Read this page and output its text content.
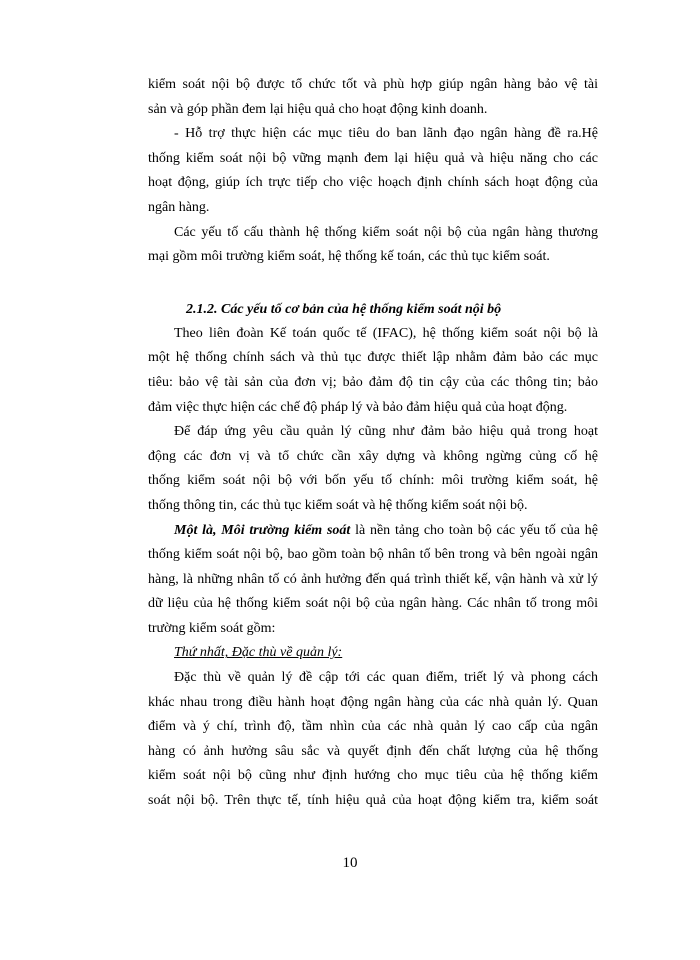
kiểm soát nội bộ được tổ chức tốt và phù hợp giúp ngân hàng bảo vệ tài
sản và góp phần đem lại hiệu quả cho hoạt động kinh doanh.
- Hỗ trợ thực hiện các mục tiêu do ban lãnh đạo ngân hàng đề ra.Hệ
thống kiểm soát nội bộ vững mạnh đem lại hiệu quả và hiệu năng cho các
hoạt động, giúp ích trực tiếp cho việc hoạch định chính sách hoạt động của
ngân hàng.
Các yếu tố cấu thành hệ thống kiểm soát nội bộ của ngân hàng thương
mại gồm môi trường kiểm soát, hệ thống kế toán, các thủ tục kiểm soát.
2.1.2. Các yếu tố cơ bản của hệ thống kiểm soát nội bộ
Theo liên đoàn Kế toán quốc tế (IFAC), hệ thống kiểm soát nội bộ là
một hệ thống chính sách và thủ tục được thiết lập nhằm đảm bảo các mục
tiêu: bảo vệ tài sản của đơn vị; bảo đảm độ tin cậy của các thông tin; bảo
đảm việc thực hiện các chế độ pháp lý và bảo đảm hiệu quả của hoạt động.
Để đáp ứng yêu cầu quản lý cũng như đảm bảo hiệu quả trong hoạt
động các đơn vị và tổ chức cần xây dựng và không ngừng củng cố hệ
thống kiểm soát nội bộ với bốn yếu tố chính: môi trường kiểm soát, hệ
thống thông tin, các thủ tục kiểm soát và hệ thống kiểm soát nội bộ.
Một là, Môi trường kiểm soát là nền tảng cho toàn bộ các yếu tố của hệ
thống kiểm soát nội bộ, bao gồm toàn bộ nhân tố bên trong và bên ngoài ngân
hàng, là những nhân tố có ảnh hưởng đến quá trình thiết kế, vận hành và xử lý
dữ liệu của hệ thống kiểm soát nội bộ của ngân hàng. Các nhân tố trong môi
trường kiểm soát gồm:
Thứ nhất, Đặc thù về quản lý:
Đặc thù về quản lý đề cập tới các quan điểm, triết lý và phong cách
khác nhau trong điều hành hoạt động ngân hàng của các nhà quản lý. Quan
điểm và ý chí, trình độ, tầm nhìn của các nhà quản lý cao cấp của ngân
hàng có ảnh hưởng sâu sắc và quyết định đến chất lượng của hệ thống
kiểm soát nội bộ cũng như định hướng cho mục tiêu của hệ thống kiểm
soát nội bộ. Trên thực tế, tính hiệu quả của hoạt động kiểm tra, kiểm soát
10
